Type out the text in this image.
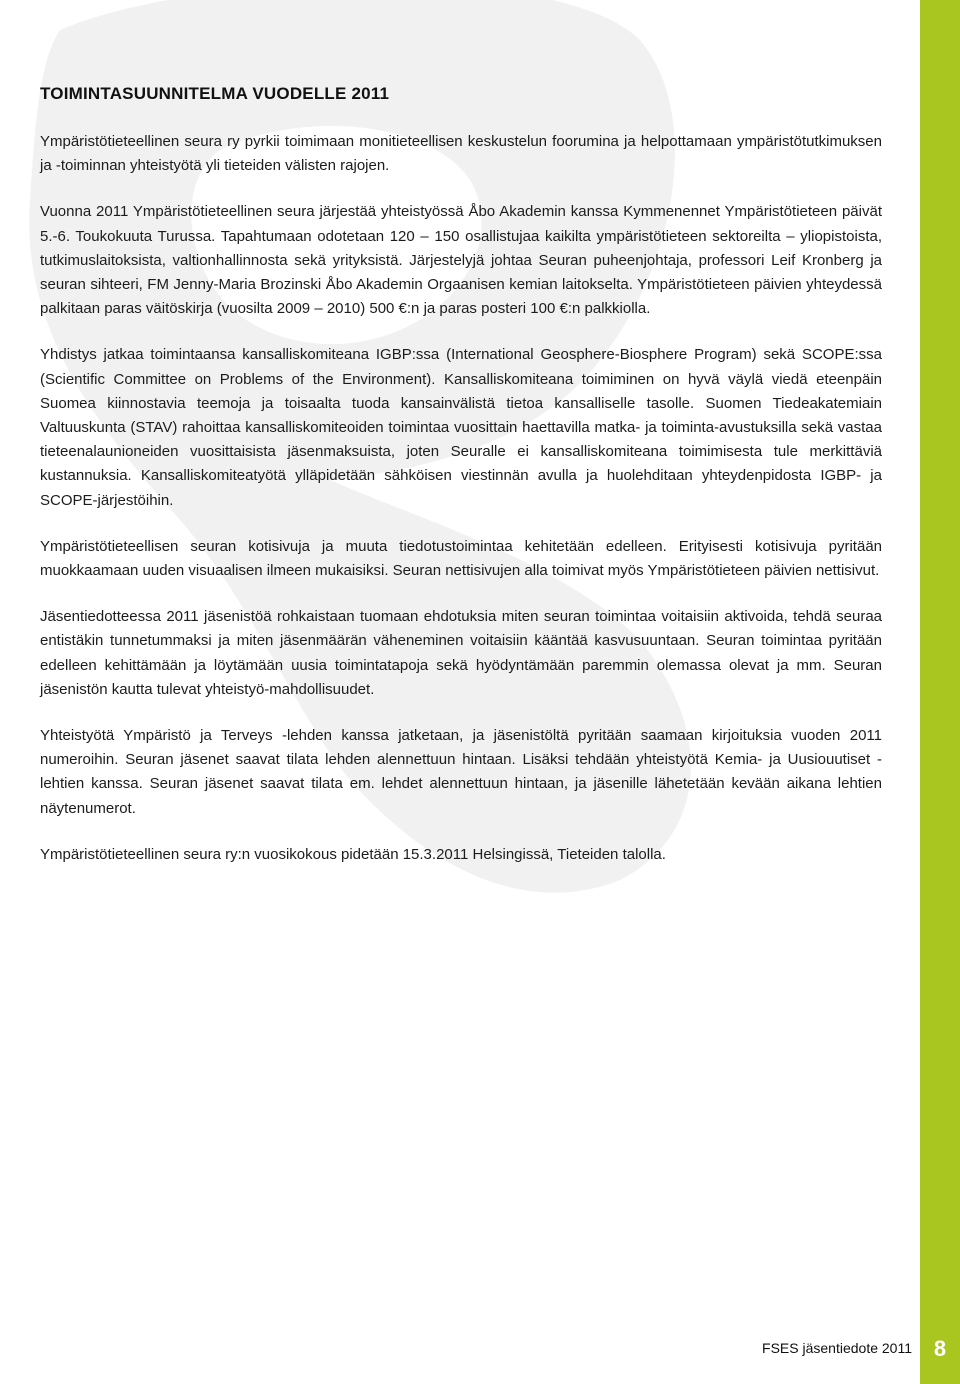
8
TOIMINTASUUNNITELMA VUODELLE 2011

Ympäristötieteellinen seura ry pyrkii toimimaan monitieteellisen keskustelun foorumina ja helpottamaan ympäristötutkimuksen ja -toiminnan yhteistyötä yli tieteiden välisten rajojen.

Vuonna 2011 Ympäristötieteellinen seura järjestää yhteistyössä Åbo Akademin kanssa Kymmenennet Ympäristötieteen päivät 5.-6. Toukokuuta Turussa. Tapahtumaan odotetaan 120 – 150 osallistujaa kaikilta ympäristötieteen sektoreilta – yliopistoista, tutkimuslaitoksista, valtionhallinnosta sekä yrityksistä. Järjestelyjä johtaa Seuran puheenjohtaja, professori Leif Kronberg ja seuran sihteeri, FM Jenny-Maria Brozinski Åbo Akademin Orgaanisen kemian laitokselta. Ympäristötieteen päivien yhteydessä palkitaan paras väitöskirja (vuosilta 2009 – 2010) 500 €:n ja paras posteri 100 €:n palkkiolla.

Yhdistys jatkaa toimintaansa kansalliskomiteana IGBP:ssa (International Geosphere-Biosphere Program) sekä SCOPE:ssa (Scientific Committee on Problems of the Environment). Kansalliskomiteana toimiminen on hyvä väylä viedä eteenpäin Suomea kiinnostavia teemoja ja toisaalta tuoda kansainvälistä tietoa kansalliselle tasolle. Suomen Tiedeakatemiain Valtuuskunta (STAV) rahoittaa kansalliskomiteoiden toimintaa vuosittain haettavilla matka- ja toiminta-avustuksilla sekä vastaa tieteenalaunioneiden vuosittaisista jäsenmaksuista, joten Seuralle ei kansalliskomiteana toimimisesta tule merkittäviä kustannuksia. Kansalliskomiteatyötä ylläpidetään sähköisen viestinnän avulla ja huolehditaan yhteydenpidosta IGBP- ja SCOPE-järjestöihin.

Ympäristötieteellisen seuran kotisivuja ja muuta tiedotustoimintaa kehitetään edelleen. Erityisesti kotisivuja pyritään muokkaamaan uuden visuaalisen ilmeen mukaisiksi. Seuran nettisivujen alla toimivat myös Ympäristötieteen päivien nettisivut.

Jäsentiedotteessa 2011 jäsenistöä rohkaistaan tuomaan ehdotuksia miten seuran toimintaa voitaisiin aktivoida, tehdä seuraa entistäkin tunnetummaksi ja miten jäsenmäärän väheneminen voitaisiin kääntää kasvusuuntaan. Seuran toimintaa pyritään edelleen kehittämään ja löytämään uusia toimintatapoja sekä hyödyntämään paremmin olemassa olevat ja mm. Seuran jäsenistön kautta tulevat yhteistyö-mahdollisuudet.

Yhteistyötä Ympäristö ja Terveys -lehden kanssa jatketaan, ja jäsenistöltä pyritään saamaan kirjoituksia vuoden 2011 numeroihin. Seuran jäsenet saavat tilata lehden alennettuun hintaan. Lisäksi tehdään yhteistyötä Kemia- ja Uusiouutiset -lehtien kanssa. Seuran jäsenet saavat tilata em. lehdet alennettuun hintaan, ja jäsenille lähetetään kevään aikana lehtien näytenumerot.

Ympäristötieteellinen seura ry:n vuosikokous pidetään 15.3.2011 Helsingissä, Tieteiden talolla.

FSES jäsentiedote 2011
